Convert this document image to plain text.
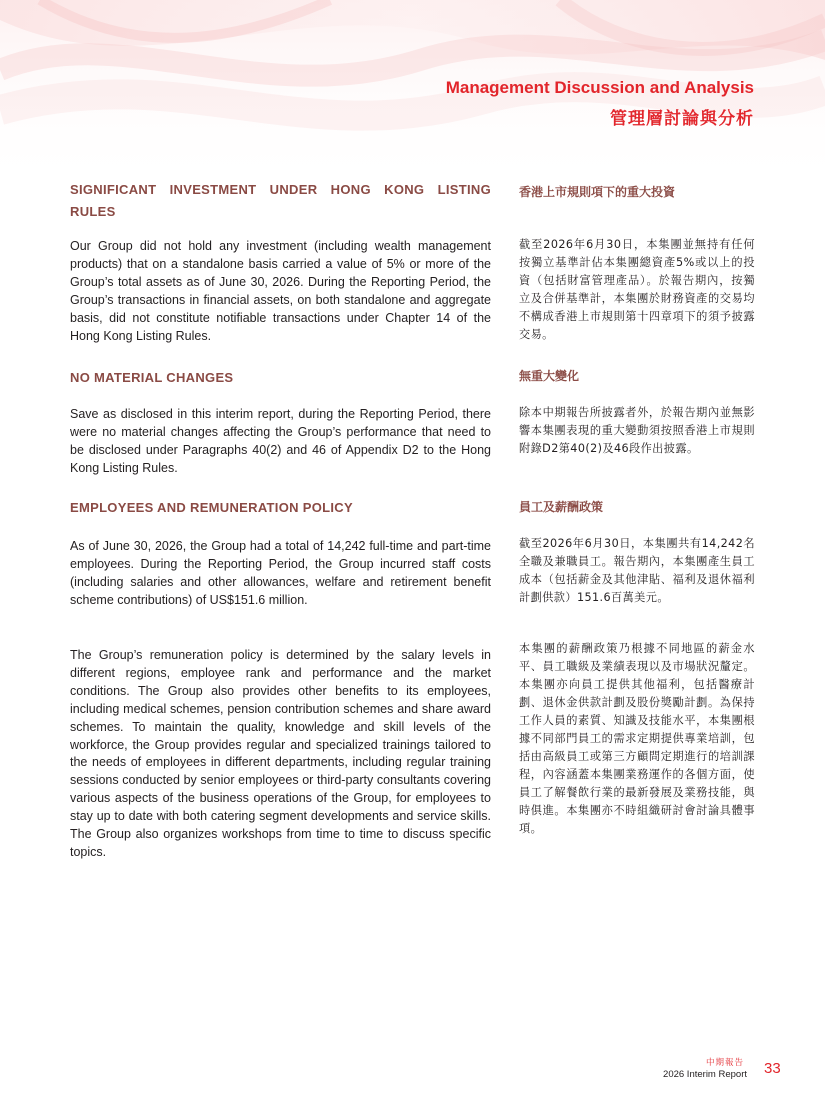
Management Discussion and Analysis
管理層討論與分析
SIGNIFICANT INVESTMENT UNDER HONG KONG LISTING RULES
香港上市規則項下的重大投資

Our Group did not hold any investment (including wealth management products) that on a standalone basis carried a value of 5% or more of the Group’s total assets as of June 30, 2026. During the Reporting Period, the Group’s transactions in financial assets, on both standalone and aggregate basis, did not constitute notifiable transactions under Chapter 14 of the Hong Kong Listing Rules.

截至2026年6月30日，本集團並無持有任何按獨立基準計佔本集團總資產5%或以上的投資（包括財富管理產品）。於報告期內，按獨立及合併基準計，本集團於財務資產的交易均不構成香港上市規則第十四章項下的須予披露交易。

NO MATERIAL CHANGES	無重大變化

Save as disclosed in this interim report, during the Reporting Period, there were no material changes affecting the Group’s performance that need to be disclosed under Paragraphs 40(2) and 46 of Appendix D2 to the Hong Kong Listing Rules.

除本中期報告所披露者外，於報告期內並無影響本集團表現的重大變動須按照香港上市規則附錄D2第40(2)及46段作出披露。

EMPLOYEES AND REMUNERATION POLICY	員工及薪酬政策

As of June 30, 2026, the Group had a total of 14,242 full-time and part-time employees. During the Reporting Period, the Group incurred staff costs (including salaries and other allowances, welfare and retirement benefit scheme contributions) of US$151.6 million.

截至2026年6月30日，本集團共有14,242名全職及兼職員工。報告期內，本集團產生員工成本（包括薪金及其他津貼、福利及退休福利計劃供款）151.6百萬美元。

The Group’s remuneration policy is determined by the salary levels in different regions, employee rank and performance and the market conditions. The Group also provides other benefits to its employees, including medical schemes, pension contribution schemes and share award schemes. To maintain the quality, knowledge and skill levels of the workforce, the Group provides regular and specialized trainings tailored to the needs of employees in different departments, including regular training sessions conducted by senior employees or third-party consultants covering various aspects of the business operations of the Group, for employees to stay up to date with both catering segment developments and service skills. The Group also organizes workshops from time to time to discuss specific topics.

本集團的薪酬政策乃根據不同地區的薪金水平、員工職級及業績表現以及市場狀況釐定。本集團亦向員工提供其他福利，包括醫療計劃、退休金供款計劃及股份獎勵計劃。為保持工作人員的素質、知識及技能水平，本集團根據不同部門員工的需求定期提供專業培訓，包括由高級員工或第三方顧問定期進行的培訓課程，內容涵蓋本集團業務運作的各個方面，使員工了解餐飲行業的最新發展及業務技能，與時俱進。本集團亦不時組織研討會討論具體事項。

中期報告
2026 Interim Report 33
